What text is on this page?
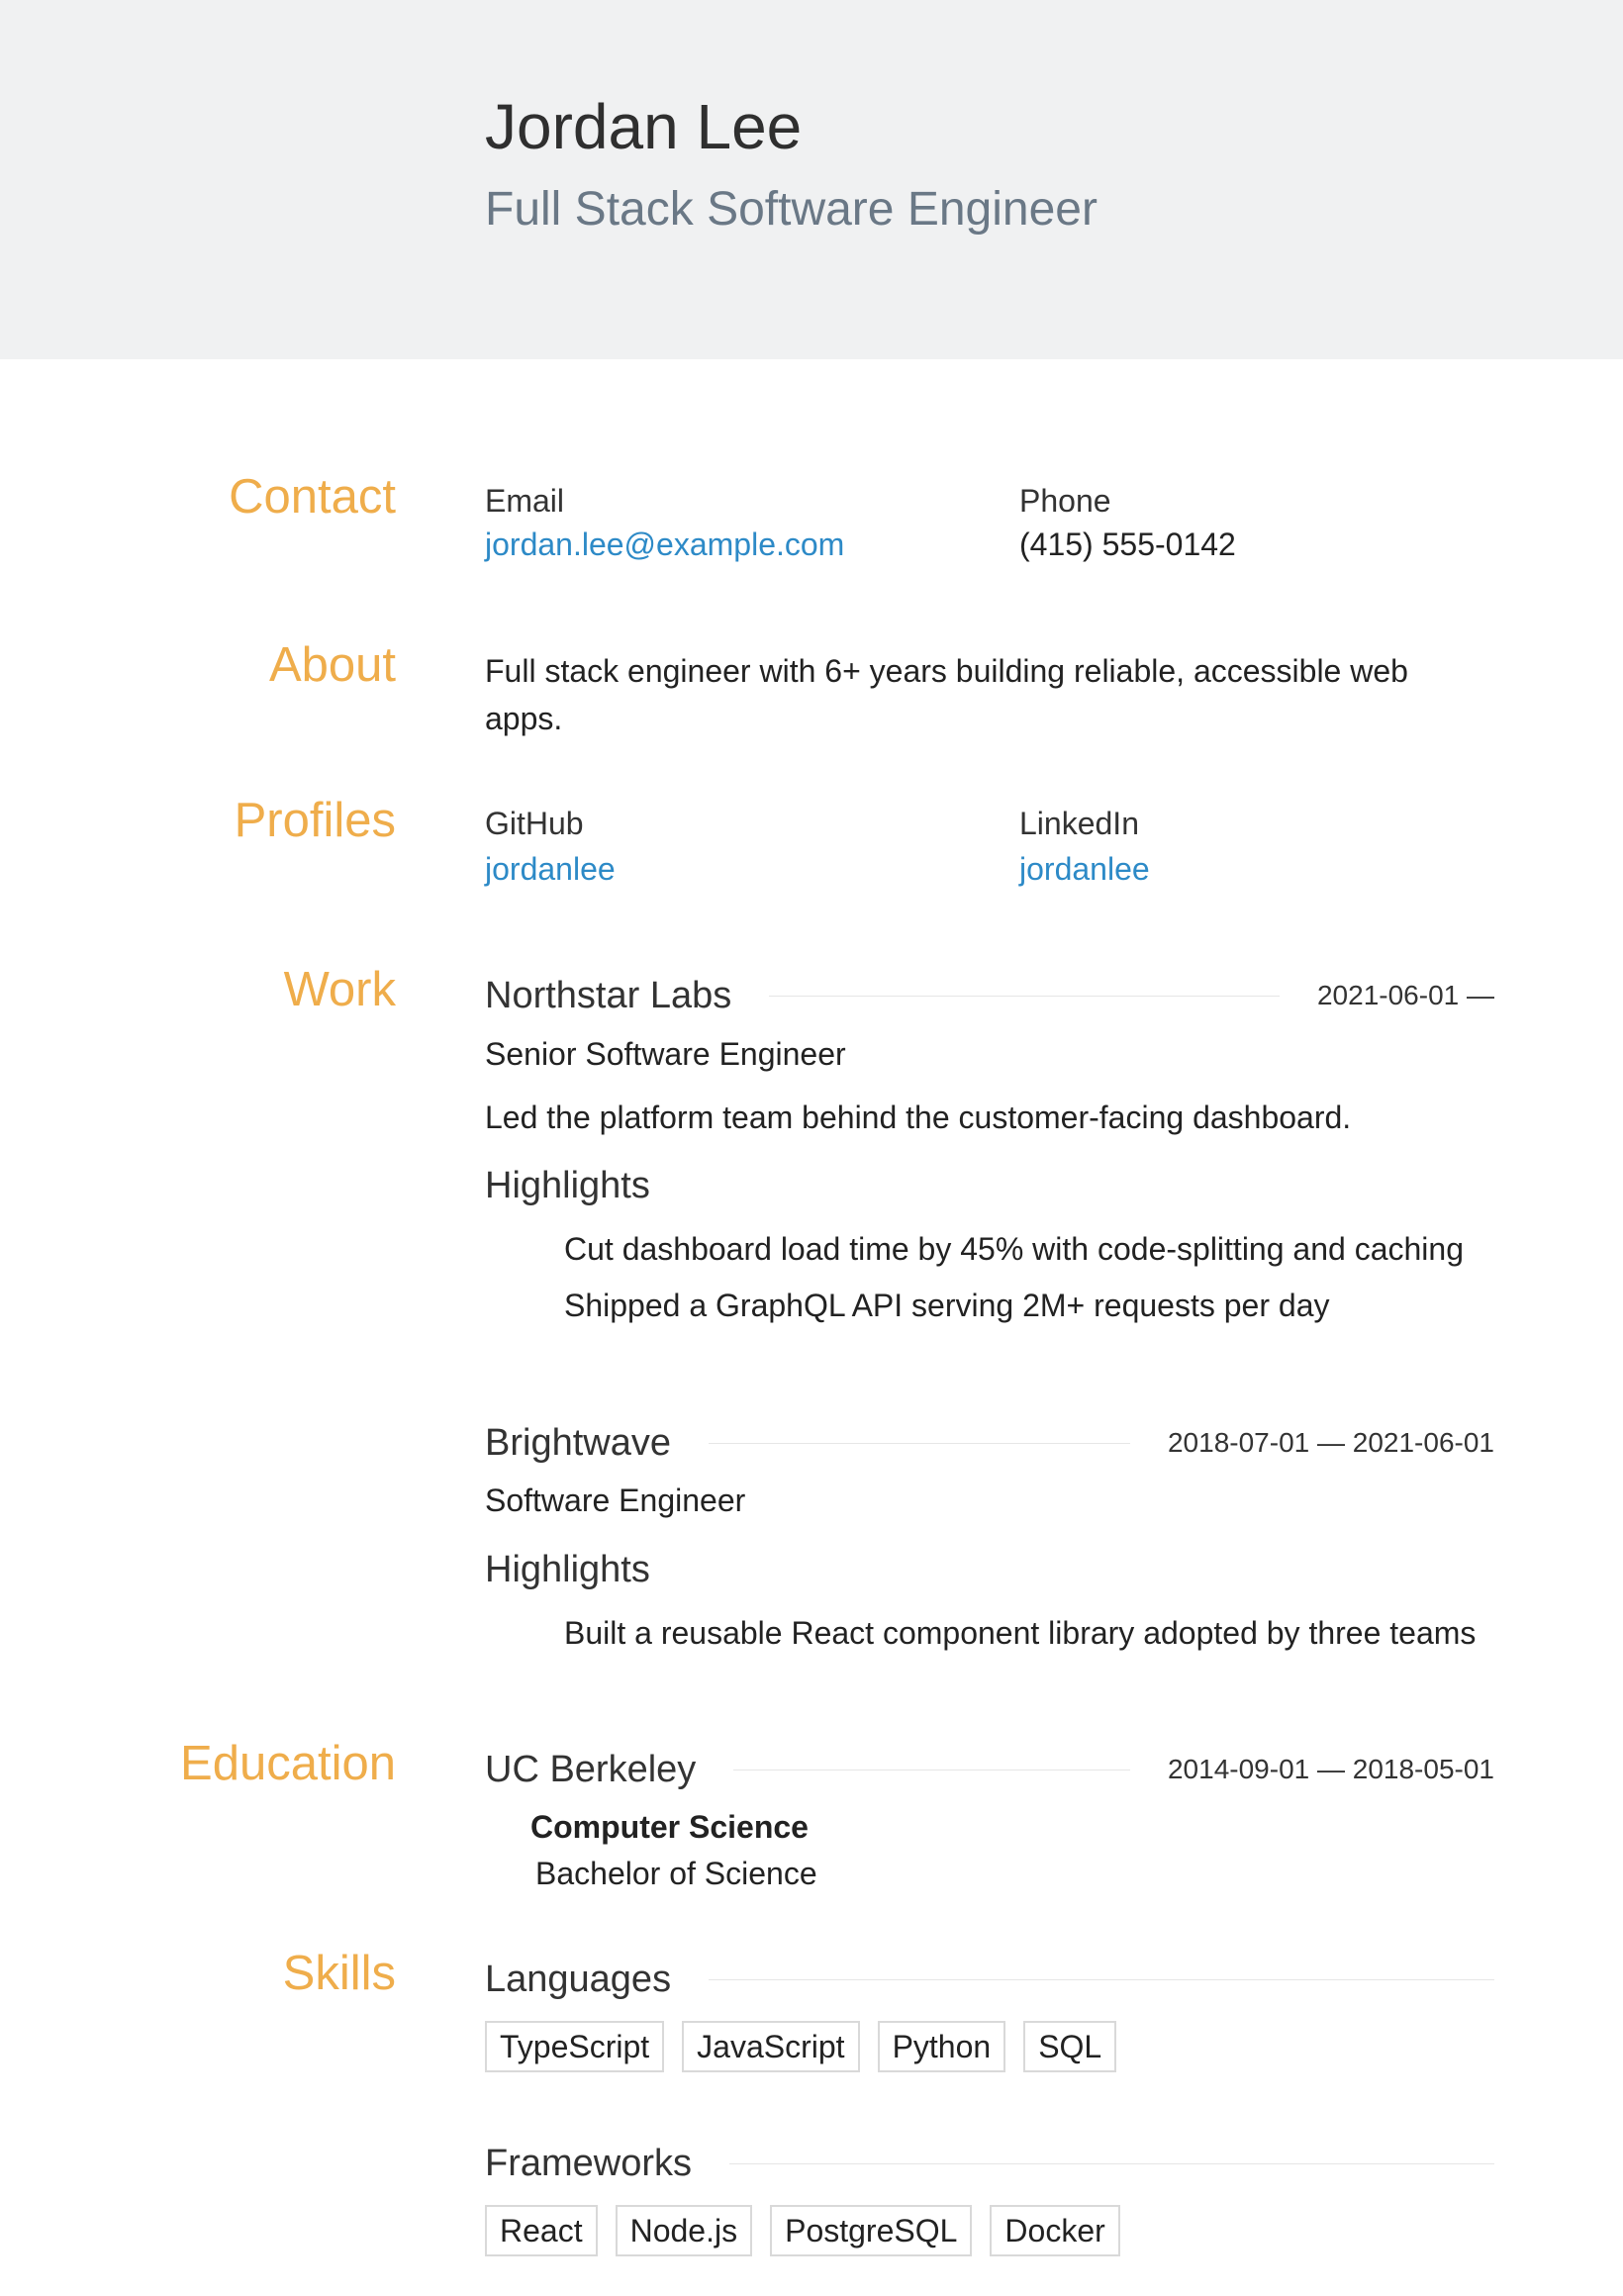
Jordan Lee
Full Stack Software Engineer
Contact	Email
jordan.lee@example.com
Phone
(415) 555-0142
About	Full stack engineer with 6+ years building reliable, accessible web apps.
Profiles	GitHub
jordanlee
LinkedIn
jordanlee
Work Northstar Labs	2021-06-01 —
Senior Software Engineer
Led the platform team behind the customer-facing dashboard.
Highlights
Cut dashboard load time by 45% with code-splitting and caching
Shipped a GraphQL API serving 2M+ requests per day
Brightwave	2018-07-01 — 2021-06-01
Software Engineer
Highlights
Built a reusable React component library adopted by three teams
Education UC Berkeley	2014-09-01 — 2018-05-01
Computer Science
Bachelor of Science
Skills Languages
TypeScript	JavaScript	Python	SQL
Frameworks
React	Node.js	PostgreSQL	Docker
